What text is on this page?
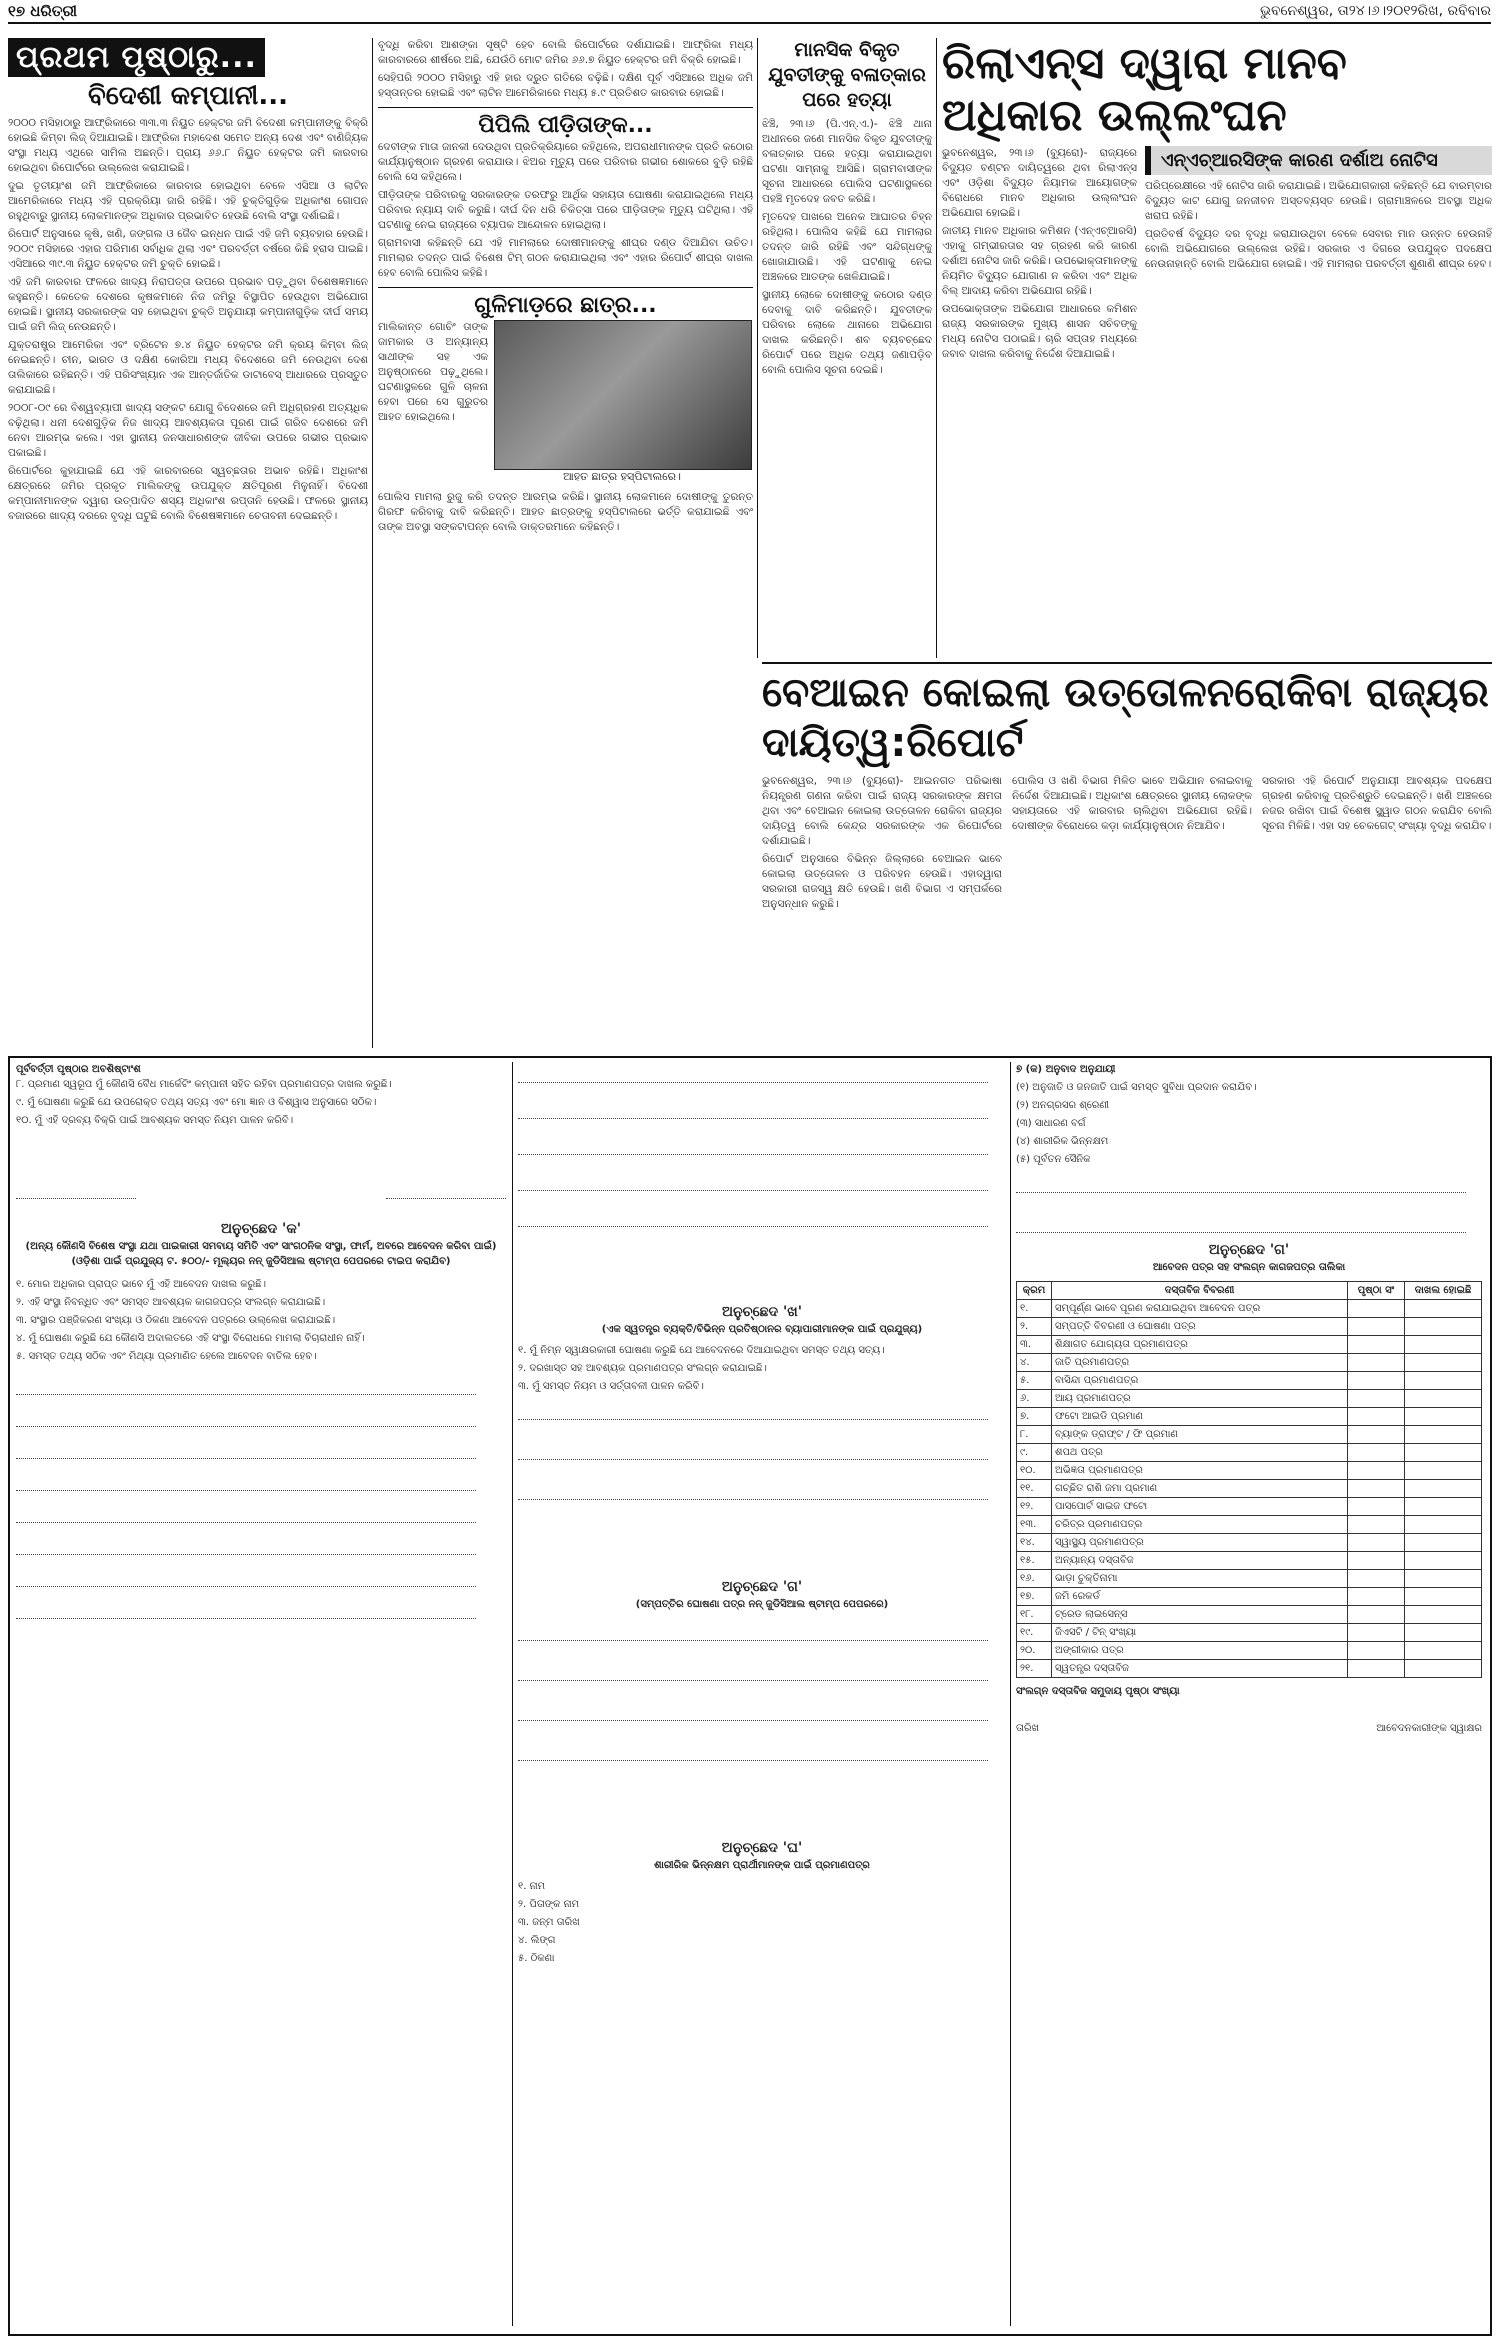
୧୭ ଧରିତ୍ରୀ	ଭୁବନେଶ୍ୱର, ତା୨୪।୬।୨୦୧୨ରିଖ, ରବିବାର
ପ୍ରଥମ ପୃଷ୍ଠାରୁ...
ବିଦେଶୀ କମ୍ପାନୀ...

୨୦୦୦ ମସିହାଠାରୁ ଆଫ୍ରିକାରେ ୩୩.୩ ନିୟୁତ ହେକ୍ଟର ଜମି ବିଦେଶୀ କମ୍ପାନୀଙ୍କୁ ବିକ୍ରି ହୋଇଛି କିମ୍ବା ଲିଜ୍ ଦିଆଯାଇଛି। ଆଫ୍ରିକା ମହାଦେଶ ସମେତ ଅନ୍ୟ ଦେଶ ଏବଂ ବାଣିଜ୍ୟିକ ସଂସ୍ଥା ମଧ୍ୟ ଏଥିରେ ସାମିଲ ଅଛନ୍ତି। ପ୍ରାୟ ୬୬.୮ ନିୟୁତ ହେକ୍ଟର ଜମି କାରବାର ହୋଇଥିବା ରିପୋର୍ଟରେ ଉଲ୍ଲେଖ କରାଯାଇଛି।

ଦୁଇ ତୃତୀୟାଂଶ ଜମି ଆଫ୍ରିକାରେ କାରବାର ହୋଇଥିବା ବେଳେ ଏସିଆ ଓ ଲାଟିନ ଆମେରିକାରେ ମଧ୍ୟ ଏହି ପ୍ରକ୍ରିୟା ଜାରି ରହିଛି। ଏହି ଚୁକ୍ତିଗୁଡ଼ିକ ଅଧିକାଂଶ ଗୋପନ ରହୁଥିବାରୁ ସ୍ଥାନୀୟ ଲୋକମାନଙ୍କ ଅଧିକାର ପ୍ରଭାବିତ ହେଉଛି ବୋଲି ସଂସ୍ଥା ଦର୍ଶାଇଛି।

ରିପୋର୍ଟ ଅନୁସାରେ କୃଷି, ଖଣି, ଜଙ୍ଗଲ ଓ ଜୈବ ଇନ୍ଧନ ପାଇଁ ଏହି ଜମି ବ୍ୟବହାର ହେଉଛି। ୨୦୦୯ ମସିହାରେ ଏହାର ପରିମାଣ ସର୍ବାଧିକ ଥିଲା ଏବଂ ପରବର୍ତ୍ତୀ ବର୍ଷରେ କିଛି ହ୍ରାସ ପାଇଛି। ଏସିଆରେ ୩୯.୩ ନିୟୁତ ହେକ୍ଟର ଜମି ଚୁକ୍ତି ହୋଇଛି।

ଏହି ଜମି କାରବାର ଫଳରେ ଖାଦ୍ୟ ନିରାପତ୍ତା ଉପରେ ପ୍ରଭାବ ପଡ଼ୁଥିବା ବିଶେଷଜ୍ଞମାନେ କହୁଛନ୍ତି। କେତେକ ଦେଶରେ କୃଷକମାନେ ନିଜ ଜମିରୁ ବିସ୍ଥାପିତ ହେଉଥିବା ଅଭିଯୋଗ ହୋଇଛି। ସ୍ଥାନୀୟ ସରକାରଙ୍କ ସହ ହୋଇଥିବା ଚୁକ୍ତି ଅନୁଯାୟୀ କମ୍ପାନୀଗୁଡ଼ିକ ଦୀର୍ଘ ସମୟ ପାଇଁ ଜମି ଲିଜ୍ ନେଉଛନ୍ତି।

ଯୁକ୍ତରାଷ୍ଟ୍ର ଆମେରିକା ଏବଂ ବ୍ରିଟେନ ୭.୪ ନିୟୁତ ହେକ୍ଟର ଜମି କ୍ରୟ କିମ୍ବା ଲିଜ୍ ନେଇଛନ୍ତି। ଚୀନ, ଭାରତ ଓ ଦକ୍ଷିଣ କୋରିଆ ମଧ୍ୟ ବିଦେଶରେ ଜମି ନେଉଥିବା ଦେଶ ତାଲିକାରେ ରହିଛନ୍ତି। ଏହି ପରିସଂଖ୍ୟାନ ଏକ ଆନ୍ତର୍ଜାତିକ ଡାଟାବେସ୍ ଆଧାରରେ ପ୍ରସ୍ତୁତ କରାଯାଇଛି।

୨୦୦୮-୦୯ ରେ ବିଶ୍ୱବ୍ୟାପୀ ଖାଦ୍ୟ ସଙ୍କଟ ଯୋଗୁ ବିଦେଶରେ ଜମି ଅଧିଗ୍ରହଣ ଅତ୍ୟଧିକ ବଢ଼ିଥିଲା। ଧନୀ ଦେଶଗୁଡ଼ିକ ନିଜ ଖାଦ୍ୟ ଆବଶ୍ୟକତା ପୂରଣ ପାଇଁ ଗରିବ ଦେଶରେ ଜମି ନେବା ଆରମ୍ଭ କଲେ। ଏହା ସ୍ଥାନୀୟ ଜନସାଧାରଣଙ୍କ ଜୀବିକା ଉପରେ ଗଭୀର ପ୍ରଭାବ ପକାଇଛି।

ରିପୋର୍ଟରେ କୁହାଯାଇଛି ଯେ ଏହି କାରବାରରେ ସ୍ୱଚ୍ଛତାର ଅଭାବ ରହିଛି। ଅଧିକାଂଶ କ୍ଷେତ୍ରରେ ଜମିର ପ୍ରକୃତ ମାଲିକଙ୍କୁ ଉପଯୁକ୍ତ କ୍ଷତିପୂରଣ ମିଳୁନାହିଁ। ବିଦେଶୀ କମ୍ପାନୀମାନଙ୍କ ଦ୍ୱାରା ଉତ୍ପାଦିତ ଶସ୍ୟ ଅଧିକାଂଶ ରପ୍ତାନି ହେଉଛି। ଫଳରେ ସ୍ଥାନୀୟ ବଜାରରେ ଖାଦ୍ୟ ଦରରେ ବୃଦ୍ଧି ଘଟୁଛି ବୋଲି ବିଶେଷଜ୍ଞମାନେ ଚେତାବନୀ ଦେଇଛନ୍ତି।

ବୃଦ୍ଧି କରିବା ଆଶଙ୍କା ସୃଷ୍ଟି ହେବ ବୋଲି ରିପୋର୍ଟରେ ଦର୍ଶାଯାଇଛି। ଆଫ୍ରିକା ମଧ୍ୟ କାରବାରରେ ଶୀର୍ଷରେ ଅଛି, ଯେଉଁଠି ମୋଟ ଜମିର ୬୬.୭ ନିୟୁତ ହେକ୍ଟର ଜମି ବିକ୍ରି ହୋଇଛି।

ସେହିପରି ୨୦୦୦ ମସିହାରୁ ଏହି ହାର ଦ୍ରୁତ ଗତିରେ ବଢ଼ିଛି। ଦକ୍ଷିଣ ପୂର୍ବ ଏସିଆରେ ଅଧିକ ଜମି ହସ୍ତାନ୍ତର ହୋଇଛି ଏବଂ ଲାଟିନ ଆମେରିକାରେ ମଧ୍ୟ ୫.୯ ପ୍ରତିଶତ କାରବାର ହୋଇଛି।

ପିପିଲି ପୀଡ଼ିତାଙ୍କ...

ଦେବୀଙ୍କ ମାତା ଜାନକୀ ଦେଉଥିବା ପ୍ରତିକ୍ରିୟାରେ କହିଥିଲେ, ଅପରାଧୀମାନଙ୍କ ପ୍ରତି କଠୋର କାର୍ଯ୍ୟାନୁଷ୍ଠାନ ଗ୍ରହଣ କରାଯାଉ। ଝିଅର ମୃତ୍ୟୁ ପରେ ପରିବାର ଗଭୀର ଶୋକରେ ବୁଡ଼ି ରହିଛି ବୋଲି ସେ କହିଥିଲେ।

ପୀଡ଼ିତାଙ୍କ ପରିବାରକୁ ସରକାରଙ୍କ ତରଫରୁ ଆର୍ଥିକ ସହାୟତା ଘୋଷଣା କରାଯାଇଥିଲେ ମଧ୍ୟ ପରିବାର ନ୍ୟାୟ ଦାବି କରୁଛି। ଦୀର୍ଘ ଦିନ ଧରି ଚିକିତ୍ସା ପରେ ପୀଡ଼ିତାଙ୍କ ମୃତ୍ୟୁ ଘଟିଥିଲା। ଏହି ଘଟଣାକୁ ନେଇ ରାଜ୍ୟରେ ବ୍ୟାପକ ଆନ୍ଦୋଳନ ହୋଇଥିଲା।

ଗ୍ରାମବାସୀ କହିଛନ୍ତି ଯେ ଏହି ମାମଲାରେ ଦୋଷୀମାନଙ୍କୁ ଶୀଘ୍ର ଦଣ୍ଡ ଦିଆଯିବା ଉଚିତ। ମାମଲାର ତଦନ୍ତ ପାଇଁ ବିଶେଷ ଟିମ୍ ଗଠନ କରାଯାଇଥିଲା ଏବଂ ଏହାର ରିପୋର୍ଟ ଶୀଘ୍ର ଦାଖଲ ହେବ ବୋଲି ପୋଲିସ କହିଛି।

ଗୁଳିମାଡ଼ରେ ଛାତ୍ର...

ମାଲିକାନ୍ତ ଗୋଚିଂ ତାଙ୍କ ଜାମକାର ଓ ଅନ୍ୟାନ୍ୟ ସାଥୀଙ୍କ ସହ ଏକ ଅନୁଷ୍ଠାନରେ ପଢ଼ୁଥିଲେ। ଘଟଣାସ୍ଥଳରେ ଗୁଳି ଚାଳନା ହେବା ପରେ ସେ ଗୁରୁତର ଆହତ ହୋଇଥିଲେ।

ଆହତ ଛାତ୍ର ହସ୍ପିଟାଲରେ।

ପୋଲିସ ମାମଲା ରୁଜୁ କରି ତଦନ୍ତ ଆରମ୍ଭ କରିଛି। ସ୍ଥାନୀୟ ଲୋକମାନେ ଦୋଷୀଙ୍କୁ ତୁରନ୍ତ ଗିରଫ କରିବାକୁ ଦାବି କରିଛନ୍ତି। ଆହତ ଛାତ୍ରଙ୍କୁ ହସ୍ପିଟାଲରେ ଭର୍ତ୍ତି କରାଯାଇଛି ଏବଂ ତାଙ୍କ ଅବସ୍ଥା ସଙ୍କଟାପନ୍ନ ବୋଲି ଡାକ୍ତରମାନେ କହିଛନ୍ତି।

ମାନସିକ ବିକୃତ ଯୁବତୀଙ୍କୁ ବଳାତ୍କାର ପରେ ହତ୍ୟା

ଝିଞ୍ଚି, ୨୩।୬ (ପି.ଏନ୍.ଏ.)- ଝିଞ୍ଚି ଥାନା ଅଧୀନରେ ଜଣେ ମାନସିକ ବିକୃତ ଯୁବତୀଙ୍କୁ ବଳାତ୍କାର ପରେ ହତ୍ୟା କରାଯାଇଥିବା ଘଟଣା ସାମ୍ନାକୁ ଆସିଛି। ଗ୍ରାମବାସୀଙ୍କ ସୂଚନା ଆଧାରରେ ପୋଲିସ ଘଟଣାସ୍ଥଳରେ ପହଞ୍ଚି ମୃତଦେହ ଜବତ କରିଛି।

ମୃତଦେହ ପାଖରେ ଅନେକ ଆଘାତର ଚିହ୍ନ ରହିଥିଲା। ପୋଲିସ କହିଛି ଯେ ମାମଲାର ତଦନ୍ତ ଜାରି ରହିଛି ଏବଂ ସନ୍ଦିଗ୍ଧଙ୍କୁ ଖୋଜାଯାଉଛି। ଏହି ଘଟଣାକୁ ନେଇ ଅଞ୍ଚଳରେ ଆତଙ୍କ ଖେଳିଯାଇଛି।

ସ୍ଥାନୀୟ ଲୋକେ ଦୋଷୀଙ୍କୁ କଠୋର ଦଣ୍ଡ ଦେବାକୁ ଦାବି କରିଛନ୍ତି। ଯୁବତୀଙ୍କ ପରିବାର ଲୋକେ ଥାନାରେ ଅଭିଯୋଗ ଦାଖଲ କରିଛନ୍ତି। ଶବ ବ୍ୟବଚ୍ଛେଦ ରିପୋର୍ଟ ପରେ ଅଧିକ ତଥ୍ୟ ଜଣାପଡ଼ିବ ବୋଲି ପୋଲିସ ସୂଚନା ଦେଇଛି।

ରିଲାଏନ୍ସ ଦ୍ୱାରା ମାନବ ଅଧିକାର ଉଲ୍ଲଂଘନ

ଭୁବନେଶ୍ୱର, ୨୩।୬ (ବ୍ୟୁରୋ)- ରାଜ୍ୟରେ ବିଦ୍ୟୁତ ବଣ୍ଟନ ଦାୟିତ୍ୱରେ ଥିବା ରିଲାଏନ୍ସ ଏବଂ ଓଡ଼ିଶା ବିଦ୍ୟୁତ ନିୟାମକ ଆୟୋଗଙ୍କ ବିରୋଧରେ ମାନବ ଅଧିକାର ଉଲ୍ଲଂଘନ ଅଭିଯୋଗ ହୋଇଛି।

ଜାତୀୟ ମାନବ ଅଧିକାର କମିଶନ (ଏନ୍ଏଚ୍ଆରସି) ଏହାକୁ ଗମ୍ଭୀରତାର ସହ ଗ୍ରହଣ କରି କାରଣ ଦର୍ଶାଅ ନୋଟିସ ଜାରି କରିଛି। ଉପଭୋକ୍ତାମାନଙ୍କୁ ନିୟମିତ ବିଦ୍ୟୁତ ଯୋଗାଣ ନ କରିବା ଏବଂ ଅଧିକ ବିଲ୍ ଆଦାୟ କରିବା ଅଭିଯୋଗ ରହିଛି।

ଉପଭୋକ୍ତାଙ୍କ ଅଭିଯୋଗ ଆଧାରରେ କମିଶନ ରାଜ୍ୟ ସରକାରଙ୍କ ମୁଖ୍ୟ ଶାସନ ସଚିବଙ୍କୁ ମଧ୍ୟ ନୋଟିସ ପଠାଇଛି। ଚାରି ସପ୍ତାହ ମଧ୍ୟରେ ଜବାବ ଦାଖଲ କରିବାକୁ ନିର୍ଦ୍ଦେଶ ଦିଆଯାଇଛି।

ଏନ୍ଏଚ୍ଆରସିଙ୍କ କାରଣ ଦର୍ଶାଅ ନୋଟିସ

ପରିପ୍ରେକ୍ଷୀରେ ଏହି ନୋଟିସ ଜାରି କରାଯାଇଛି। ଅଭିଯୋଗକାରୀ କହିଛନ୍ତି ଯେ ବାରମ୍ବାର ବିଦ୍ୟୁତ କାଟ ଯୋଗୁ ଜନଜୀବନ ଅସ୍ତବ୍ୟସ୍ତ ହେଉଛି। ଗ୍ରାମାଞ୍ଚଳରେ ଅବସ୍ଥା ଅଧିକ ଖରାପ ରହିଛି।

ପ୍ରତିବର୍ଷ ବିଦ୍ୟୁତ ଦର ବୃଦ୍ଧି କରାଯାଉଥିବା ବେଳେ ସେବାର ମାନ ଉନ୍ନତ ହେଉନାହିଁ ବୋଲି ଅଭିଯୋଗରେ ଉଲ୍ଲେଖ ରହିଛି। ସରକାର ଏ ଦିଗରେ ଉପଯୁକ୍ତ ପଦକ୍ଷେପ ନେଉନାହାନ୍ତି ବୋଲି ଅଭିଯୋଗ ହୋଇଛି। ଏହି ମାମଲାର ପରବର୍ତ୍ତୀ ଶୁଣାଣି ଶୀଘ୍ର ହେବ।

ବେଆଇନ କୋଇଲା ଉତ୍ତୋଳନରୋକିବା ରାଜ୍ୟର ଦାୟିତ୍ୱ:ରିପୋର୍ଟ

ଭୁବନେଶ୍ୱର, ୨୩।୬ (ବ୍ୟୁରୋ)- ଆଇନଗତ ପରିଭାଷା ନିୟନ୍ତ୍ରଣ ଗଣନା କରିବା ପାଇଁ ରାଜ୍ୟ ସରକାରଙ୍କ କ୍ଷମତା ଥିବା ଏବଂ ବେଆଇନ କୋଇଲା ଉତ୍ତୋଳନ ରୋକିବା ରାଜ୍ୟର ଦାୟିତ୍ୱ ବୋଲି କେନ୍ଦ୍ର ସରକାରଙ୍କ ଏକ ରିପୋର୍ଟରେ ଦର୍ଶାଯାଇଛି।

ରିପୋର୍ଟ ଅନୁସାରେ ବିଭିନ୍ନ ଜିଲ୍ଲାରେ ବେଆଇନ ଭାବେ କୋଇଲା ଉତ୍ତୋଳନ ଓ ପରିବହନ ହେଉଛି। ଏହାଦ୍ୱାରା ସରକାରୀ ରାଜସ୍ୱ କ୍ଷତି ହେଉଛି। ଖଣି ବିଭାଗ ଏ ସମ୍ପର୍କରେ ଅନୁସନ୍ଧାନ କରୁଛି।

ପୋଲିସ ଓ ଖଣି ବିଭାଗ ମିଳିତ ଭାବେ ଅଭିଯାନ ଚଳାଇବାକୁ ନିର୍ଦ୍ଦେଶ ଦିଆଯାଇଛି। ଅଧିକାଂଶ କ୍ଷେତ୍ରରେ ସ୍ଥାନୀୟ ଲୋକଙ୍କ ସହାୟତାରେ ଏହି କାରବାର ଚାଲିଥିବା ଅଭିଯୋଗ ରହିଛି। ଦୋଷୀଙ୍କ ବିରୋଧରେ କଡ଼ା କାର୍ଯ୍ୟାନୁଷ୍ଠାନ ନିଆଯିବ।

ସରକାର ଏହି ରିପୋର୍ଟ ଅନୁଯାୟୀ ଆବଶ୍ୟକ ପଦକ୍ଷେପ ଗ୍ରହଣ କରିବାକୁ ପ୍ରତିଶ୍ରୁତି ଦେଇଛନ୍ତି। ଖଣି ଅଞ୍ଚଳରେ ନଜର ରଖିବା ପାଇଁ ବିଶେଷ ସ୍କ୍ୱାଡ ଗଠନ କରାଯିବ ବୋଲି ସୂଚନା ମିଳିଛି। ଏହା ସହ ଚେକଗେଟ୍ ସଂଖ୍ୟା ବୃଦ୍ଧି କରାଯିବ।

ପୂର୍ବବର୍ତ୍ତୀ ପୃଷ୍ଠାର ଅବଶିଷ୍ଟାଂଶ

୮. ପ୍ରମାଣ ସ୍ୱରୂପ ମୁଁ କୌଣସି ବୈଧ ମାର୍କେଟିଂ କମ୍ପାନୀ ସହିତ ରହିବା ପ୍ରମାଣପତ୍ର ଦାଖଲ କରୁଛି।

୯. ମୁଁ ଘୋଷଣା କରୁଛି ଯେ ଉପରୋକ୍ତ ତଥ୍ୟ ସତ୍ୟ ଏବଂ ମୋ ଜ୍ଞାନ ଓ ବିଶ୍ୱାସ ଅନୁସାରେ ସଠିକ।

୧୦. ମୁଁ ଏହି ଦ୍ରବ୍ୟ ବିକ୍ରି ପାଇଁ ଆବଶ୍ୟକ ସମସ୍ତ ନିୟମ ପାଳନ କରିବି।

ଅନୁଚ୍ଛେଦ 'କ'
(ଅନ୍ୟ କୌଣସି ବିଶେଷ ସଂସ୍ଥା ଯଥା ପାଇକାରୀ ସମବାୟ ସମିତି ଏବଂ ସାଂଗଠନିକ ସଂସ୍ଥା, ଫାର୍ମ, ଅବରେ ଆବେଦନ କରିବା ପାଇଁ)
(ଓଡ଼ିଶା ପାଇଁ ପ୍ରଯୁଜ୍ୟ ଟ. ୫୦୦/- ମୂଲ୍ୟର ନନ୍ ଜୁଡିସିଆଲ ଷ୍ଟାମ୍ପ ପେପରରେ ଟାଇପ କରାଯିବ)

୧. ମୋର ଅଧିକାର ପ୍ରାପ୍ତ ଭାବେ ମୁଁ ଏହି ଆବେଦନ ଦାଖଲ କରୁଛି।

୨. ଏହି ସଂସ୍ଥା ନିବନ୍ଧିତ ଏବଂ ସମସ୍ତ ଆବଶ୍ୟକ କାଗଜପତ୍ର ସଂଲଗ୍ନ କରାଯାଇଛି।

୩. ସଂସ୍ଥାର ପଞ୍ଜିକରଣ ସଂଖ୍ୟା ଓ ଠିକଣା ଆବେଦନ ପତ୍ରରେ ଉଲ୍ଲେଖ କରାଯାଇଛି।

୪. ମୁଁ ଘୋଷଣା କରୁଛି ଯେ କୌଣସି ଅଦାଲତରେ ଏହି ସଂସ୍ଥା ବିରୋଧରେ ମାମଲା ବିଚାରାଧୀନ ନାହିଁ।

୫. ସମସ୍ତ ତଥ୍ୟ ସଠିକ ଏବଂ ମିଥ୍ୟା ପ୍ରମାଣିତ ହେଲେ ଆବେଦନ ବାତିଲ ହେବ।

ଅନୁଚ୍ଛେଦ 'ଖ'
(ଏକ ସ୍ୱତନ୍ତ୍ର ବ୍ୟକ୍ତି/ବିଭିନ୍ନ ପ୍ରତିଷ୍ଠାନର ବ୍ୟାପାରୀମାନଙ୍କ ପାଇଁ ପ୍ରଯୁଜ୍ୟ)

୧. ମୁଁ ନିମ୍ନ ସ୍ୱାକ୍ଷରକାରୀ ଘୋଷଣା କରୁଛି ଯେ ଆବେଦନରେ ଦିଆଯାଇଥିବା ସମସ୍ତ ତଥ୍ୟ ସତ୍ୟ।

୨. ଦରଖାସ୍ତ ସହ ଆବଶ୍ୟକ ପ୍ରମାଣପତ୍ର ସଂଲଗ୍ନ କରାଯାଇଛି।

୩. ମୁଁ ସମସ୍ତ ନିୟମ ଓ ସର୍ତ୍ତାବଳୀ ପାଳନ କରିବି।

ଅନୁଚ୍ଛେଦ 'ଗ'
(ସମ୍ପତ୍ତିର ଘୋଷଣା ପତ୍ର ନନ୍ ଜୁଡିସିଆଲ ଷ୍ଟାମ୍ପ ପେପରରେ)

ଅନୁଚ୍ଛେଦ 'ଘ'
ଶାରୀରିକ ଭିନ୍ନକ୍ଷମ ପ୍ରାର୍ଥୀମାନଙ୍କ ପାଇଁ ପ୍ରମାଣପତ୍ର

୧. ନାମ

୨. ପିତାଙ୍କ ନାମ

୩. ଜନ୍ମ ତାରିଖ

୪. ଲିଙ୍ଗ

୫. ଠିକଣା

୭ (କ) ଅନୁବାଦ ଅନୁଯାୟୀ

(୧) ଅନୁଜାତି ଓ ଜନଜାତି ପାଇଁ ସମସ୍ତ ସୁବିଧା ପ୍ରଦାନ କରାଯିବ।

(୨) ଅନଗ୍ରସର ଶ୍ରେଣୀ

(୩) ସାଧାରଣ ବର୍ଗ

(୪) ଶାରୀରିକ ଭିନ୍ନକ୍ଷମ

(୫) ପୂର୍ବତନ ସୈନିକ

ଅନୁଚ୍ଛେଦ 'ଗ'
ଆବେଦନ ପତ୍ର ସହ ସଂଲଗ୍ନ କାଗଜପତ୍ର ତାଲିକା
କ୍ରମ	ଦସ୍ତାବିଜ ବିବରଣୀ	ପୃଷ୍ଠା ସଂ	ଦାଖଲ ହୋଇଛି
୧.	ସମ୍ପୂର୍ଣ୍ଣ ଭାବେ ପୂରଣ କରାଯାଇଥିବା ଆବେଦନ ପତ୍ର		
୨.	ସମ୍ପତ୍ତି ବିବରଣୀ ଓ ଘୋଷଣା ପତ୍ର		
୩.	ଶିକ୍ଷାଗତ ଯୋଗ୍ୟତା ପ୍ରମାଣପତ୍ର		
୪.	ଜାତି ପ୍ରମାଣପତ୍ର		
୫.	ବାସିନ୍ଦା ପ୍ରମାଣପତ୍ର		
୬.	ଆୟ ପ୍ରମାଣପତ୍ର		
୭.	ଫଟୋ ଆଇଡି ପ୍ରମାଣ		
୮.	ବ୍ୟାଙ୍କ ଡ୍ରାଫ୍ଟ / ଫି ପ୍ରମାଣ		
୯.	ଶପଥ ପତ୍ର		
୧୦.	ଅଭିଜ୍ଞତା ପ୍ରମାଣପତ୍ର		
୧୧.	ଗଚ୍ଛିତ ରାଶି ଜମା ପ୍ରମାଣ		
୧୨.	ପାସପୋର୍ଟ ସାଇଜ ଫଟୋ		
୧୩.	ଚରିତ୍ର ପ୍ରମାଣପତ୍ର		
୧୪.	ସ୍ୱାସ୍ଥ୍ୟ ପ୍ରମାଣପତ୍ର		
୧୫.	ଅନ୍ୟାନ୍ୟ ଦସ୍ତାବିଜ		
୧୬.	ଭାଡ଼ା ଚୁକ୍ତିନାମା		
୧୭.	ଜମି ରେକର୍ଡ		
୧୮.	ଟ୍ରେଡ ଲାଇସେନ୍ସ		
୧୯.	ଜିଏସଟି / ଟିନ୍ ସଂଖ୍ୟା		
୨୦.	ଅଙ୍ଗୀକାର ପତ୍ର		
୨୧.	ସ୍ୱତନ୍ତ୍ର ଦସ୍ତାବିଜ		
ସଂଲଗ୍ନ ଦସ୍ତାବିଜ ସମୁଦାୟ ପୃଷ୍ଠା ସଂଖ୍ୟା
ତାରିଖ	ଆବେଦନକାରୀଙ୍କ ସ୍ୱାକ୍ଷର
